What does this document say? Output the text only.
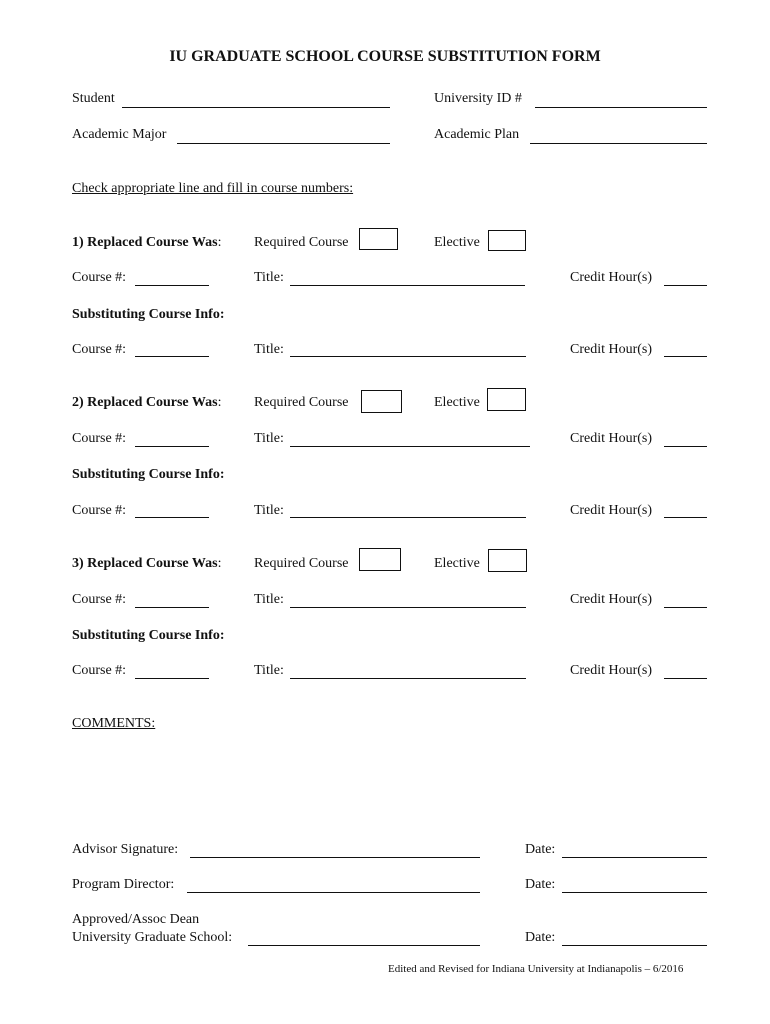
IU GRADUATE SCHOOL COURSE SUBSTITUTION FORM
Student	University ID #
Academic Major	Academic Plan
Check appropriate line and fill in course numbers:
1) Replaced Course Was: Required Course	Elective
Course #:	Title:	Credit Hour(s)
Substituting Course Info:
Course #:	Title:	Credit Hour(s)
2) Replaced Course Was: Required Course	Elective
Course #:	Title:	Credit Hour(s)
Substituting Course Info:
Course #:	Title:	Credit Hour(s)
3) Replaced Course Was: Required Course	Elective
Course #:	Title:	Credit Hour(s)
Substituting Course Info:
Course #:	Title:	Credit Hour(s)
COMMENTS:
Advisor Signature:	Date:
Program Director:	Date:
Approved/Assoc Dean
University Graduate School:	Date:
Edited and Revised for Indiana University at Indianapolis – 6/2016
